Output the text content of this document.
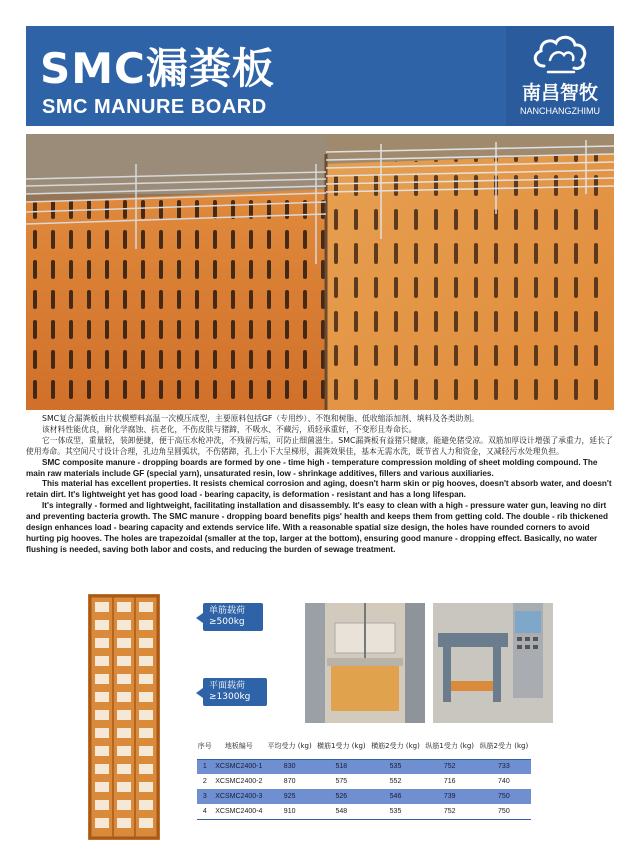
SMC漏粪板
SMC MANURE BOARD
南昌智牧
NANCHANGZHIMU

SMC复合漏粪板由片状模塑料高温一次模压成型，主要原料包括GF（专用纱）、不饱和树脂、低收缩添加剂、填料及各类助剂。

该材料性能优良，耐化学腐蚀、抗老化，不伤皮肤与猪蹄，不吸水、不藏污，质轻承重好，不变形且寿命长。

它一体成型，重量轻，装卸便捷，便于高压水枪冲洗，不残留污垢，可防止细菌滋生。SMC漏粪板有益猪只健康，能避免猪受凉。双筋加厚设计增强了承重力，延长了使用寿命。其空间尺寸设计合理，孔边角呈圆弧状，不伤猪蹄，孔上小下大呈梯形，漏粪效果佳，基本无需水洗，既节省人力和资金，又减轻污水处理负担。

SMC composite manure - dropping boards are formed by one - time high - temperature compression molding of sheet molding compound. The main raw materials include GF (special yarn), unsaturated resin, low - shrinkage additives, fillers and various auxiliaries.

This material has excellent properties. It resists chemical corrosion and aging, doesn't harm skin or pig hooves, doesn't absorb water, and doesn't retain dirt. It's lightweight yet has good load - bearing capacity, is deformation - resistant and has a long lifespan.

It's integrally - formed and lightweight, facilitating installation and disassembly. It's easy to clean with a high - pressure water gun, leaving no dirt and preventing bacteria growth. The SMC manure - dropping board benefits pigs' health and keeps them from getting cold. The double - rib thickened design enhances load - bearing capacity and extends service life. With a reasonable spatial size design, the holes have rounded corners to avoid hurting pig hooves. The holes are trapezoidal (smaller at the top, larger at the bottom), ensuring good manure - dropping effect. Basically, no water flushing is needed, saving both labor and costs, and reducing the burden of sewage treatment.

单筋载荷
≥500kg
平面载荷
≥1300kg
序号	地板编号	平均受力 (kg)	横筋1受力 (kg)	横筋2受力 (kg)	纵筋1受力 (kg)	纵筋2受力 (kg)
1	XCSMC2400-1	830	518	535	752	733
2	XCSMC2400-2	870	575	552	716	740
3	XCSMC2400-3	925	526	546	739	750
4	XCSMC2400-4	910	548	535	752	750
